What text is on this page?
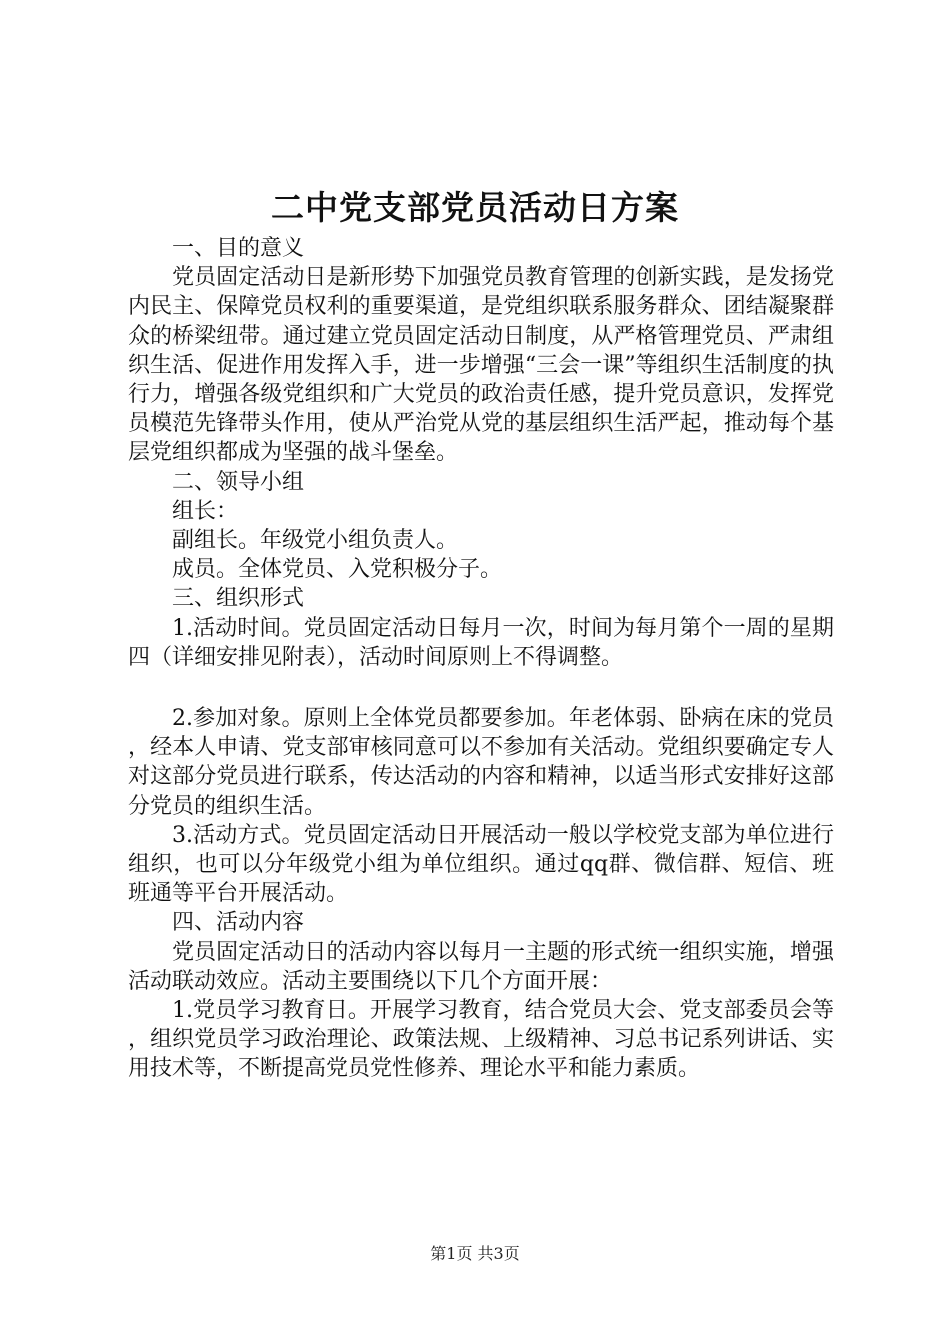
二中党支部党员活动日方案

一、目的意义

党员固定活动日是新形势下加强党员教育管理的创新实践，是发扬党内民主、保障党员权利的重要渠道，是党组织联系服务群众、团结凝聚群众的桥梁纽带。通过建立党员固定活动日制度，从严格管理党员、严肃组织生活、促进作用发挥入手，进一步增强“三会一课”等组织生活制度的执行力，增强各级党组织和广大党员的政治责任感，提升党员意识，发挥党员模范先锋带头作用，使从严治党从党的基层组织生活严起，推动每个基层党组织都成为坚强的战斗堡垒。

二、领导小组

组长：

副组长。年级党小组负责人。

成员。全体党员、入党积极分子。

三、组织形式

1.活动时间。党员固定活动日每月一次，时间为每月第个一周的星期四（详细安排见附表），活动时间原则上不得调整。

2.参加对象。原则上全体党员都要参加。年老体弱、卧病在床的党员，经本人申请、党支部审核同意可以不参加有关活动。党组织要确定专人对这部分党员进行联系，传达活动的内容和精神，以适当形式安排好这部分党员的组织生活。

3.活动方式。党员固定活动日开展活动一般以学校党支部为单位进行组织，也可以分年级党小组为单位组织。通过qq群、微信群、短信、班班通等平台开展活动。

四、活动内容

党员固定活动日的活动内容以每月一主题的形式统一组织实施，增强活动联动效应。活动主要围绕以下几个方面开展：

1.党员学习教育日。开展学习教育，结合党员大会、党支部委员会等，组织党员学习政治理论、政策法规、上级精神、习总书记系列讲话、实用技术等，不断提高党员党性修养、理论水平和能力素质。

第1页 共3页
